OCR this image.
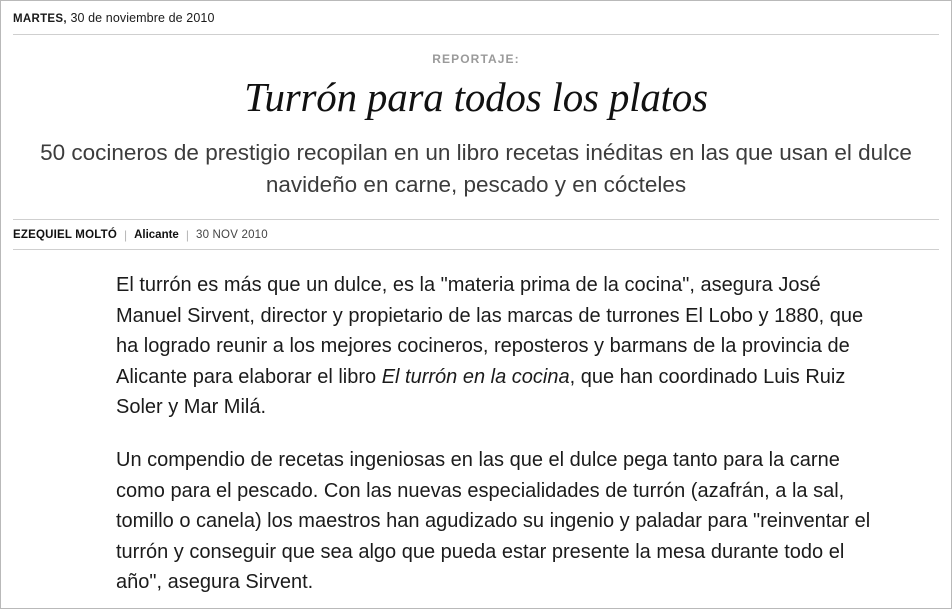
MARTES, 30 de noviembre de 2010
REPORTAJE:
Turrón para todos los platos
50 cocineros de prestigio recopilan en un libro recetas inéditas en las que usan el dulce navideño en carne, pescado y en cócteles
EZEQUIEL MOLTÓ | Alicante | 30 NOV 2010

El turrón es más que un dulce, es la "materia prima de la cocina", asegura José Manuel Sirvent, director y propietario de las marcas de turrones El Lobo y 1880, que ha logrado reunir a los mejores cocineros, reposteros y barmans de la provincia de Alicante para elaborar el libro El turrón en la cocina, que han coordinado Luis Ruiz Soler y Mar Milá.

Un compendio de recetas ingeniosas en las que el dulce pega tanto para la carne como para el pescado. Con las nuevas especialidades de turrón (azafrán, a la sal, tomillo o canela) los maestros han agudizado su ingenio y paladar para "reinventar el turrón y conseguir que sea algo que pueda estar presente la mesa durante todo el año", asegura Sirvent.
